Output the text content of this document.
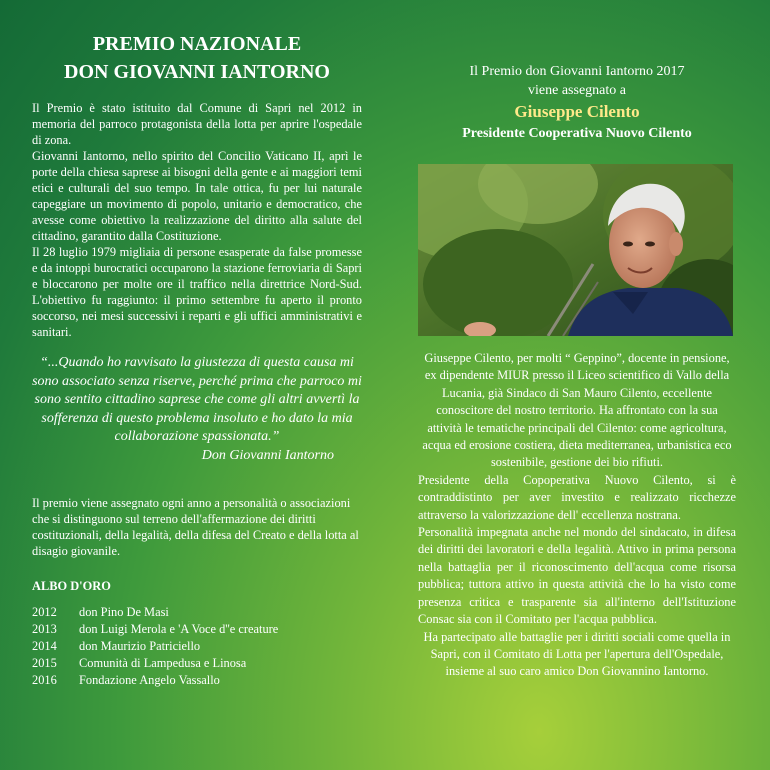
PREMIO NAZIONALE
DON GIOVANNI IANTORNO

Il Premio è stato istituito dal Comune di Sapri nel 2012 in memoria del parroco protagonista della lotta per aprire l'ospedale di zona.

Giovanni Iantorno, nello spirito del Concilio Vaticano II, aprì le porte della chiesa saprese ai bisogni della gente e ai maggiori temi etici e culturali del suo tempo. In tale ottica, fu per lui naturale capeggiare un movimento di popolo, unitario e democratico, che avesse come obiettivo la realizzazione del diritto alla salute del cittadino, garantito dalla Costituzione.

Il 28 luglio 1979 migliaia di persone esasperate da false promesse e da intoppi burocratici occuparono la stazione ferroviaria di Sapri e bloccarono per molte ore il traffico nella direttrice Nord-Sud. L'obiettivo fu raggiunto: il primo settembre fu aperto il pronto soccorso, nei mesi successivi i reparti e gli uffici amministrativi e sanitari.

“...Quando ho ravvisato la giustezza di questa causa mi sono associato senza riserve, perché prima che parroco mi sono sentito cittadino saprese che come gli altri avvertì la sofferenza di questo problema insoluto e ho dato la mia collaborazione spassionata.”

Don Giovanni Iantorno

Il premio viene assegnato ogni anno a personalità o associazioni che si distinguono sul terreno dell'affermazione dei diritti costituzionali, della legalità, della difesa del Creato e della lotta al disagio giovanile.

ALBO D'ORO
2012	don Pino De Masi
2013	don Luigi Merola e 'A Voce d''e creature
2014	don Maurizio Patriciello
2015	Comunità di Lampedusa e Linosa
2016	Fondazione Angelo Vassallo
Il Premio don Giovanni Iantorno 2017
viene assegnato a
Giuseppe Cilento
Presidente Cooperativa Nuovo Cilento

Giuseppe Cilento, per molti “ Geppino”, docente in pensione, ex dipendente MIUR presso il Liceo scientifico di Vallo della Lucania, già Sindaco di San Mauro Cilento, eccellente conoscitore del nostro territorio. Ha affrontato con la sua attività le tematiche principali del Cilento: come agricoltura, acqua ed erosione costiera, dieta mediterranea, urbanistica eco sostenibile, gestione dei bio rifiuti.

Presidente della Copoperativa Nuovo Cilento, si è contraddistinto per aver investito e realizzato ricchezze attraverso la valorizzazione dell' eccellenza nostrana.

Personalità impegnata anche nel mondo del sindacato, in difesa dei diritti dei lavoratori e della legalità. Attivo in prima persona nella battaglia per il riconoscimento dell'acqua come risorsa pubblica; tuttora attivo in questa attività che lo ha visto come presenza critica e trasparente sia all'interno dell'Istituzione Consac sia con il Comitato per l'acqua pubblica.

Ha partecipato alle battaglie per i diritti sociali come quella in Sapri, con il Comitato di Lotta per l'apertura dell'Ospedale, insieme al suo caro amico Don Giovannino Iantorno.
